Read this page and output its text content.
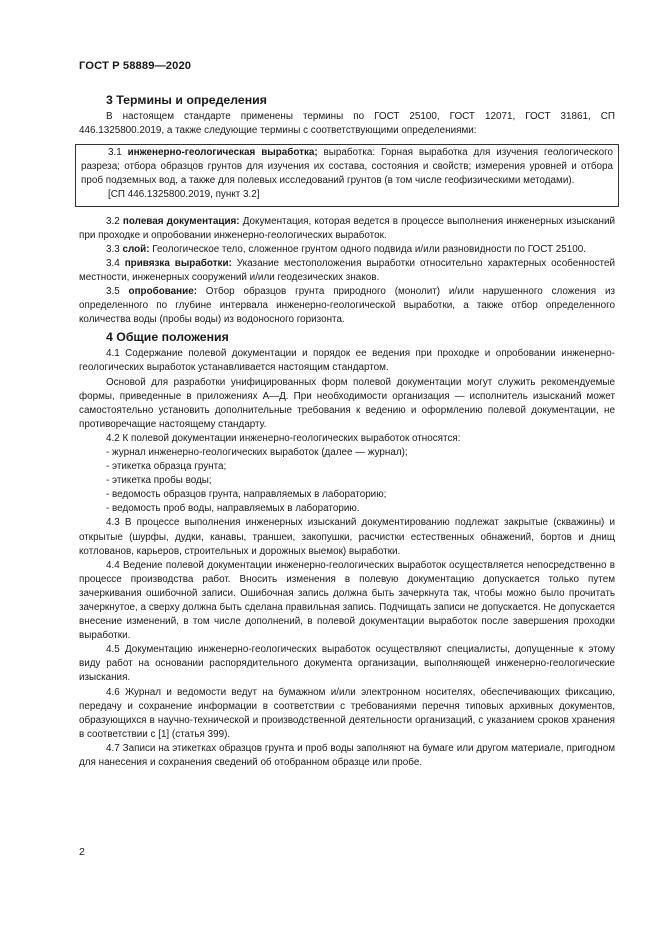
ГОСТ Р 58889—2020
3 Термины и определения

В настоящем стандарте применены термины по ГОСТ 25100, ГОСТ 12071, ГОСТ 31861, СП 446.1325800.2019, а также следующие термины с соответствующими определениями:

3.1 инженерно-геологическая выработка; выработка: Горная выработка для изучения геологического разреза; отбора образцов грунтов для изучения их состава, состояния и свойств; измерения уровней и отбора проб подземных вод, а также для полевых исследований грунтов (в том числе геофизическими методами).

[СП 446.1325800.2019, пункт 3.2]

3.2 полевая документация: Документация, которая ведется в процессе выполнения инженерных изысканий при проходке и опробовании инженерно-геологических выработок.

3.3 слой: Геологическое тело, сложенное грунтом одного подвида и/или разновидности по ГОСТ 25100.

3.4 привязка выработки: Указание местоположения выработки относительно характерных особенностей местности, инженерных сооружений и/или геодезических знаков.

3.5 опробование: Отбор образцов грунта природного (монолит) и/или нарушенного сложения из определенного по глубине интервала инженерно-геологической выработки, а также отбор определенного количества воды (пробы воды) из водоносного горизонта.

4 Общие положения

4.1 Содержание полевой документации и порядок ее ведения при проходке и опробовании инженерно-геологических выработок устанавливается настоящим стандартом.

Основой для разработки унифицированных форм полевой документации могут служить рекомендуемые формы, приведенные в приложениях А—Д. При необходимости организация — исполнитель изысканий может самостоятельно установить дополнительные требования к ведению и оформлению полевой документации, не противоречащие настоящему стандарту.

4.2 К полевой документации инженерно-геологических выработок относятся:

- журнал инженерно-геологических выработок (далее — журнал);

- этикетка образца грунта;

- этикетка пробы воды;

- ведомость образцов грунта, направляемых в лабораторию;

- ведомость проб воды, направляемых в лабораторию.

4.3 В процессе выполнения инженерных изысканий документированию подлежат закрытые (скважины) и открытые (шурфы, дудки, канавы, траншеи, закопушки, расчистки естественных обнажений, бортов и днищ котлованов, карьеров, строительных и дорожных выемок) выработки.

4.4 Ведение полевой документации инженерно-геологических выработок осуществляется непосредственно в процессе производства работ. Вносить изменения в полевую документацию допускается только путем зачеркивания ошибочной записи. Ошибочная запись должна быть зачеркнута так, чтобы можно было прочитать зачеркнутое, а сверху должна быть сделана правильная запись. Подчищать записи не допускается. Не допускается внесение изменений, в том числе дополнений, в полевой документации выработок после завершения проходки выработки.

4.5 Документацию инженерно-геологических выработок осуществляют специалисты, допущенные к этому виду работ на основании распорядительного документа организации, выполняющей инженерно-геологические изыскания.

4.6 Журнал и ведомости ведут на бумажном и/или электронном носителях, обеспечивающих фиксацию, передачу и сохранение информации в соответствии с требованиями перечня типовых архивных документов, образующихся в научно-технической и производственной деятельности организаций, с указанием сроков хранения в соответствии с [1] (статья 399).

4.7 Записи на этикетках образцов грунта и проб воды заполняют на бумаге или другом материале, пригодном для нанесения и сохранения сведений об отобранном образце или пробе.

2
